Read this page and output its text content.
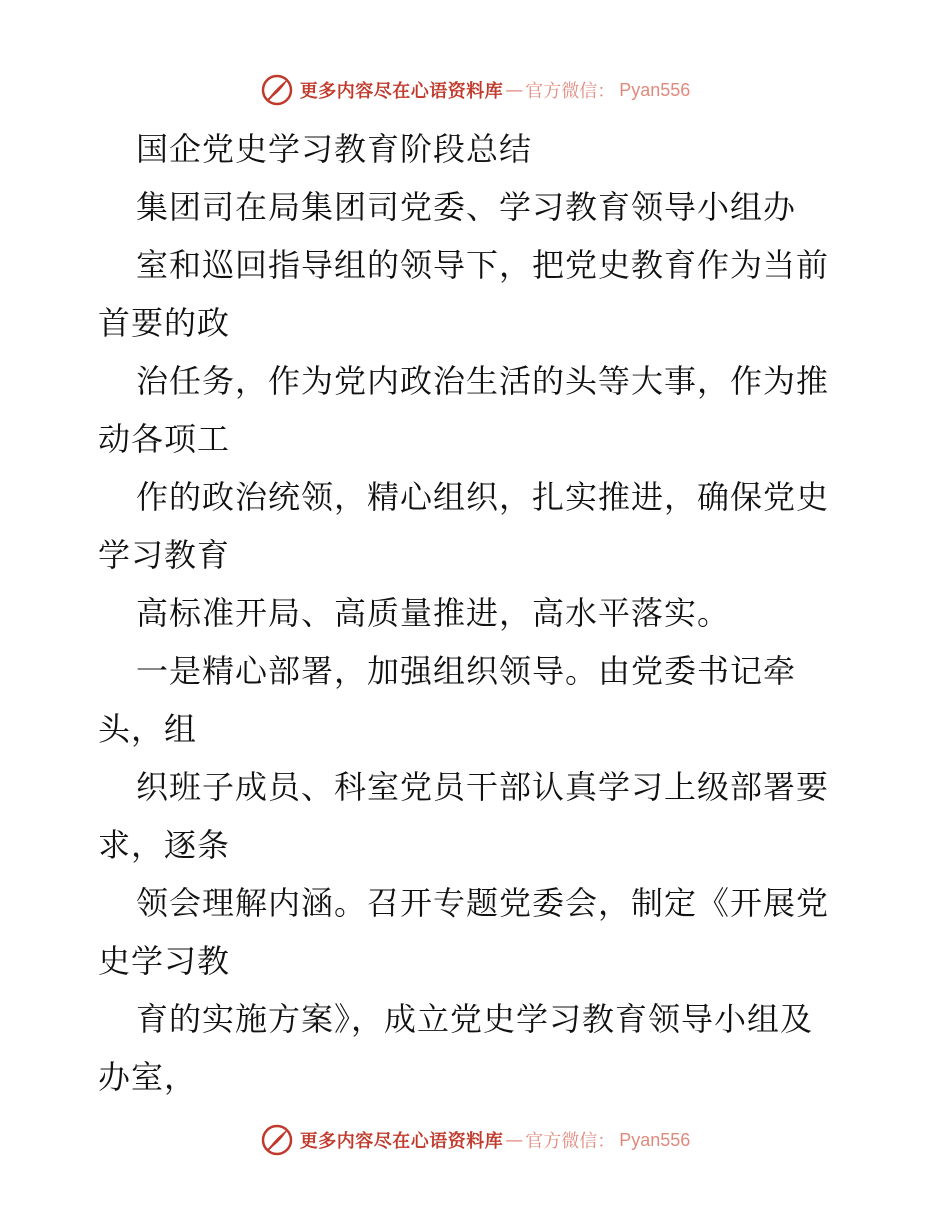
更多内容尽在心语资料库 — 官方微信： Pyan556
国企党史学习教育阶段总结
集团司在局集团司党委、学习教育领导小组办
室和巡回指导组的领导下，把党史教育作为当前
首要的政
治任务，作为党内政治生活的头等大事，作为推
动各项工
作的政治统领，精心组织，扎实推进，确保党史
学习教育
高标准开局、高质量推进，高水平落实。
一是精心部署，加强组织领导。由党委书记牵
头，组
织班子成员、科室党员干部认真学习上级部署要
求，逐条
领会理解内涵。召开专题党委会，制定《开展党
史学习教
育的实施方案》，成立党史学习教育领导小组及
办室，
更多内容尽在心语资料库 — 官方微信： Pyan556
